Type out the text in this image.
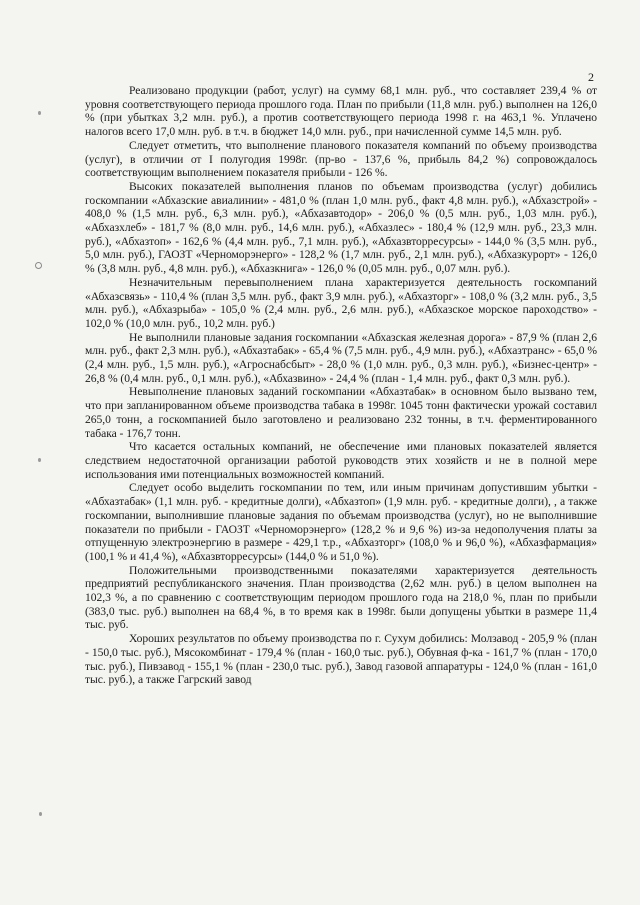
2

Реализовано продукции (работ, услуг) на сумму 68,1 млн. руб., что составляет 239,4 % от уровня соответствующего периода прошлого года. План по прибыли (11,8 млн. руб.) выполнен на 126,0 % (при убытках 3,2 млн. руб.), а против соответствующего периода 1998 г. на 463,1 %. Уплачено налогов всего 17,0 млн. руб. в т.ч. в бюджет 14,0 млн. руб., при начисленной сумме 14,5 млн. руб.

Следует отметить, что выполнение планового показателя компаний по объему производства (услуг), в отличии от I полугодия 1998г. (пр-во - 137,6 %, прибыль 84,2 %) сопровождалось соответствующим выполнением показателя прибыли - 126 %.

Высоких показателей выполнения планов по объемам производства (услуг) добились госкомпании «Абхазские авиалинии» - 481,0 % (план 1,0 млн. руб., факт 4,8 млн. руб.), «Абхазстрой» - 408,0 % (1,5 млн. руб., 6,3 млн. руб.), «Абхазавтодор» - 206,0 % (0,5 млн. руб., 1,03 млн. руб.), «Абхазхлеб» - 181,7 % (8,0 млн. руб., 14,6 млн. руб.), «Абхазлес» - 180,4 % (12,9 млн. руб., 23,3 млн. руб.), «Абхазтоп» - 162,6 % (4,4 млн. руб., 7,1 млн. руб.), «Абхазвторресурсы» - 144,0 % (3,5 млн. руб., 5,0 млн. руб.), ГАОЗТ «Черноморэнерго» - 128,2 % (1,7 млн. руб., 2,1 млн. руб.), «Абхазкурорт» - 126,0 % (3,8 млн. руб., 4,8 млн. руб.), «Абхазкнига» - 126,0 % (0,05 млн. руб., 0,07 млн. руб.).

Незначительным перевыполнением плана характеризуется деятельность госкомпаний «Абхазсвязь» - 110,4 % (план 3,5 млн. руб., факт 3,9 млн. руб.), «Абхазторг» - 108,0 % (3,2 млн. руб., 3,5 млн. руб.), «Абхазрыба» - 105,0 % (2,4 млн. руб., 2,6 млн. руб.), «Абхазское морское пароходство» - 102,0 % (10,0 млн. руб., 10,2 млн. руб.)

Не выполнили плановые задания госкомпании «Абхазская железная дорога» - 87,9 % (план 2,6 млн. руб., факт 2,3 млн. руб.), «Абхазтабак» - 65,4 % (7,5 млн. руб., 4,9 млн. руб.), «Абхазтранс» - 65,0 % (2,4 млн. руб., 1,5 млн. руб.), «Агроснабсбыт» - 28,0 % (1,0 млн. руб., 0,3 млн. руб.), «Бизнес-центр» - 26,8 % (0,4 млн. руб., 0,1 млн. руб.), «Абхазвино» - 24,4 % (план - 1,4 млн. руб., факт 0,3 млн. руб.).

Невыполнение плановых заданий госкомпании «Абхазтабак» в основном было вызвано тем, что при запланированном объеме производства табака в 1998г. 1045 тонн фактически урожай составил 265,0 тонн, а госкомпанией было заготовлено и реализовано 232 тонны, в т.ч. ферментированного табака - 176,7 тонн.

Что касается остальных компаний, не обеспечение ими плановых показателей является следствием недостаточной организации работой руководств этих хозяйств и не в полной мере использования ими потенциальных возможностей компаний.

Следует особо выделить госкомпании по тем, или иным причинам допустившим убытки - «Абхазтабак» (1,1 млн. руб. - кредитные долги), «Абхазтоп» (1,9 млн. руб. - кредитные долги), , а также госкомпании, выполнившие плановые задания по объемам производства (услуг), но не выполнившие показатели по прибыли - ГАОЗТ «Черноморэнерго» (128,2 % и 9,6 %) из-за недополучения платы за отпущенную электроэнергию в размере - 429,1 т.р., «Абхазторг» (108,0 % и 96,0 %), «Абхазфармация» (100,1 % и 41,4 %), «Абхазвторресурсы» (144,0 % и 51,0 %).

Положительными производственными показателями характеризуется деятельность предприятий республиканского значения. План производства (2,62 млн. руб.) в целом выполнен на 102,3 %, а по сравнению с соответствующим периодом прошлого года на 218,0 %, план по прибыли (383,0 тыс. руб.) выполнен на 68,4 %, в то время как в 1998г. были допущены убытки в размере 11,4 тыс. руб.

Хороших результатов по объему производства по г. Сухум добились: Молзавод - 205,9 % (план - 150,0 тыс. руб.), Мясокомбинат - 179,4 % (план - 160,0 тыс. руб.), Обувная ф-ка - 161,7 % (план - 170,0 тыс. руб.), Пивзавод - 155,1 % (план - 230,0 тыс. руб.), Завод газовой аппаратуры - 124,0 % (план - 161,0 тыс. руб.), а также Гагрский завод
